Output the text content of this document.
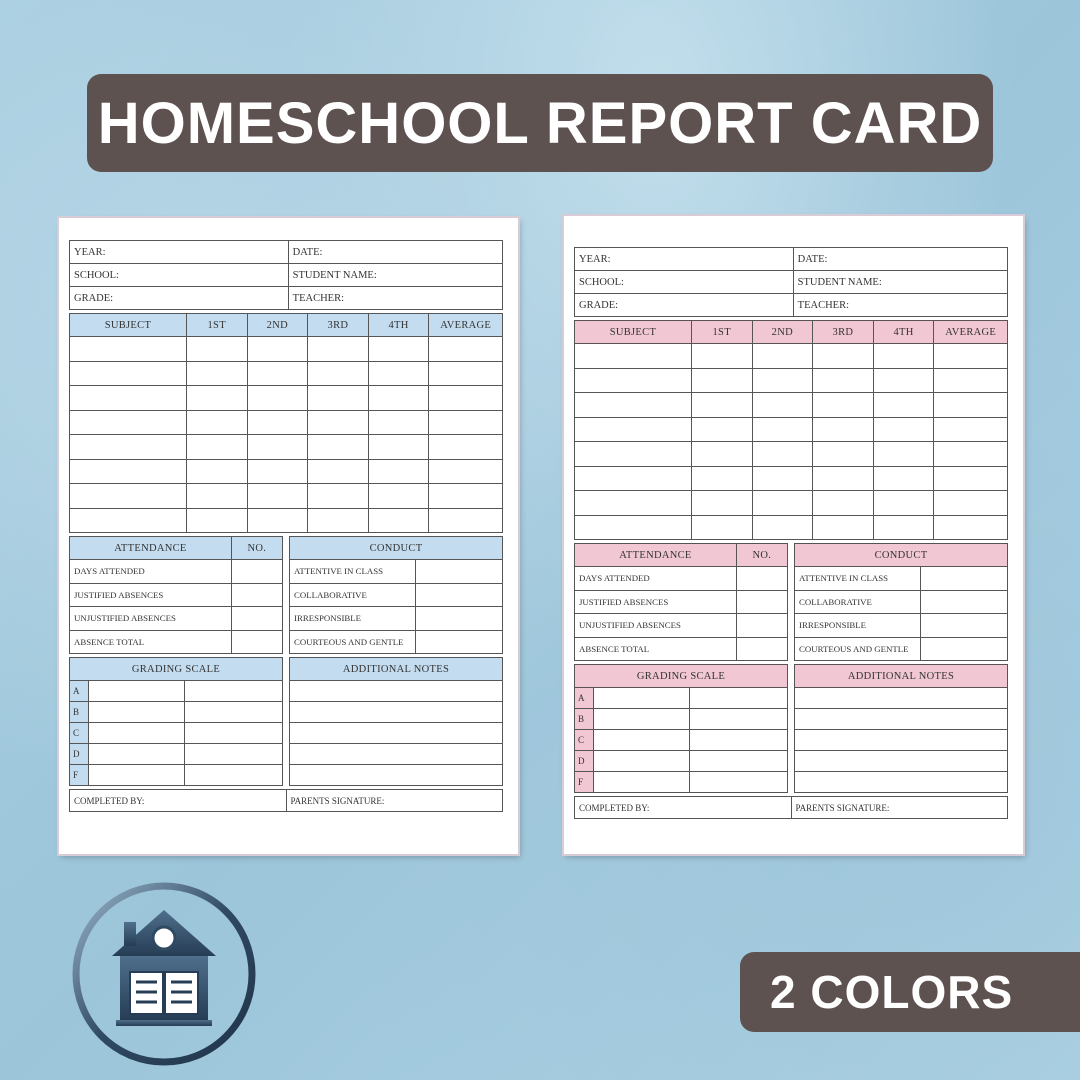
HOMESCHOOL REPORT CARD
YEAR:	DATE:
SCHOOL:	STUDENT NAME:
GRADE:	TEACHER:
SUBJECT	1ST	2ND	3RD	4TH	AVERAGE

ATTENDANCE	NO.
DAYS ATTENDED	
JUSTIFIED ABSENCES	
UNJUSTIFIED ABSENCES	
ABSENCE TOTAL	
CONDUCT	
ATTENTIVE IN CLASS	
COLLABORATIVE	
IRRESPONSIBLE	
COURTEOUS AND GENTLE	
GRADING SCALE		
A		
B		
C		
D		
F		
ADDITIONAL NOTES

COMPLETED BY:	PARENTS SIGNATURE:
YEAR:	DATE:
SCHOOL:	STUDENT NAME:
GRADE:	TEACHER:
SUBJECT	1ST	2ND	3RD	4TH	AVERAGE

ATTENDANCE	NO.
DAYS ATTENDED	
JUSTIFIED ABSENCES	
UNJUSTIFIED ABSENCES	
ABSENCE TOTAL	
CONDUCT	
ATTENTIVE IN CLASS	
COLLABORATIVE	
IRRESPONSIBLE	
COURTEOUS AND GENTLE	
GRADING SCALE		
A		
B		
C		
D		
F		
ADDITIONAL NOTES

COMPLETED BY:	PARENTS SIGNATURE:
2 COLORS
